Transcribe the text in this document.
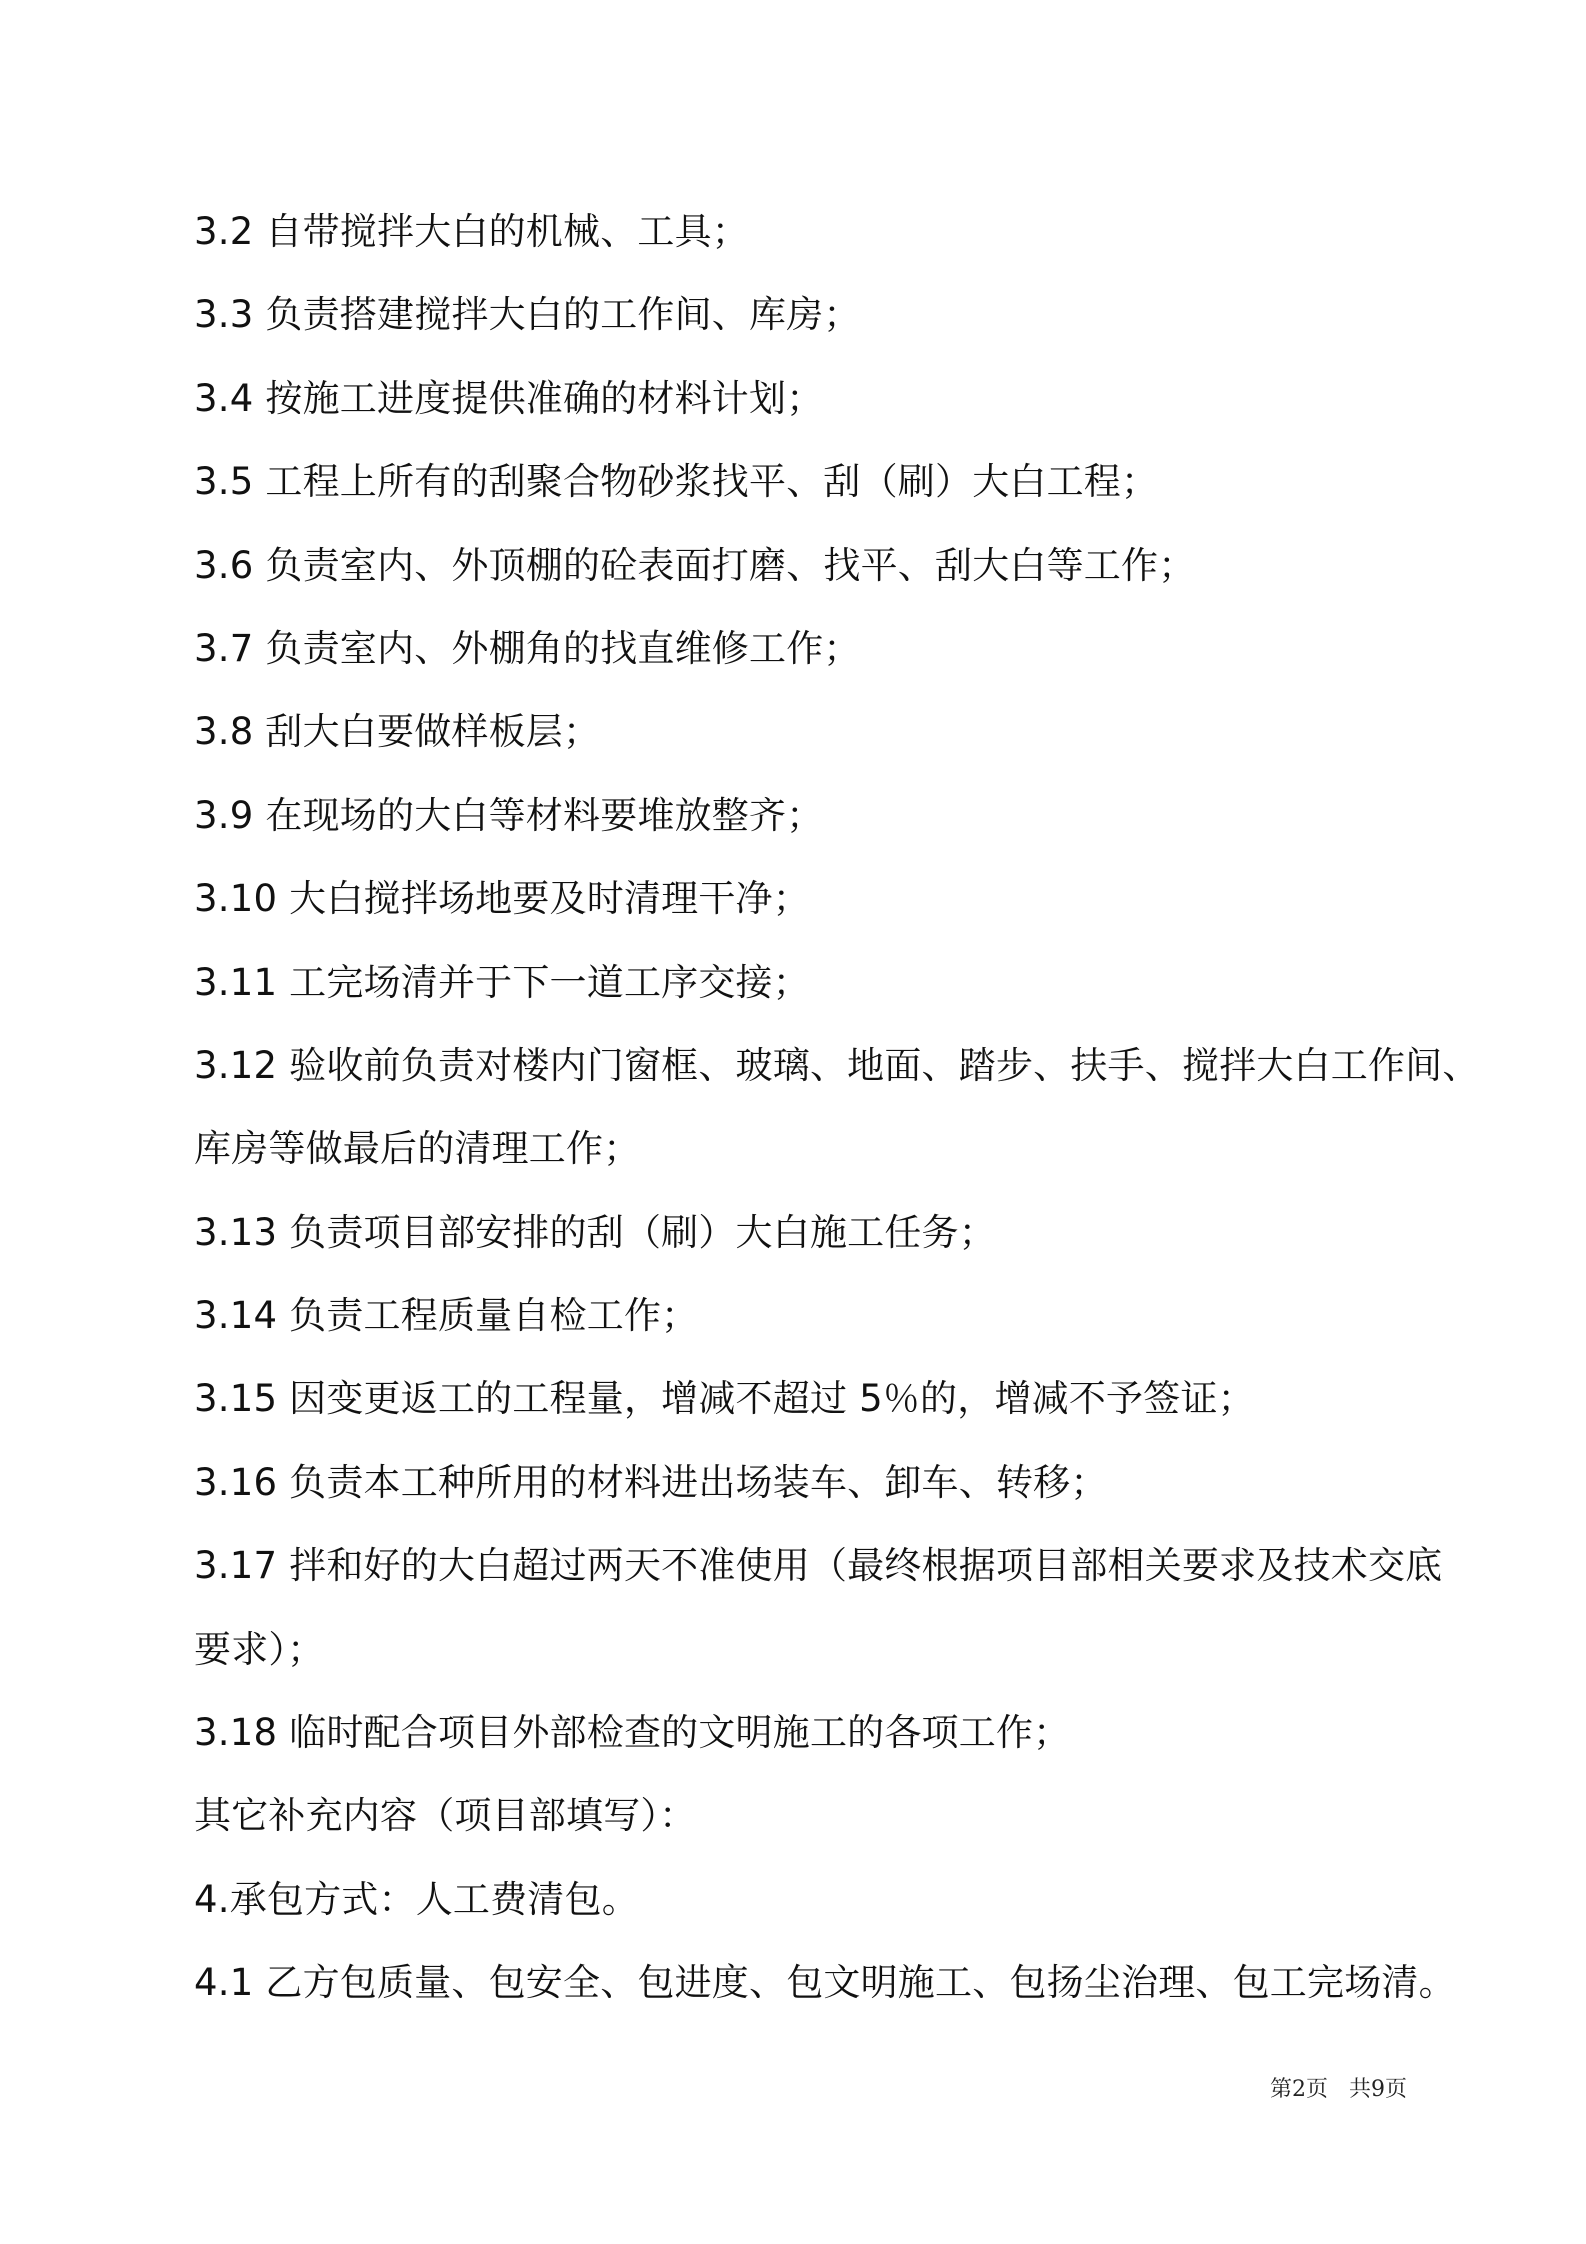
3.2 自带搅拌大白的机械、工具；
3.3 负责搭建搅拌大白的工作间、库房；
3.4 按施工进度提供准确的材料计划；
3.5 工程上所有的刮聚合物砂浆找平、刮（刷）大白工程；
3.6 负责室内、外顶棚的砼表面打磨、找平、刮大白等工作；
3.7 负责室内、外棚角的找直维修工作；
3.8 刮大白要做样板层；
3.9 在现场的大白等材料要堆放整齐；
3.10 大白搅拌场地要及时清理干净；
3.11 工完场清并于下一道工序交接；
3.12 验收前负责对楼内门窗框、玻璃、地面、踏步、扶手、搅拌大白工作间、
库房等做最后的清理工作；
3.13 负责项目部安排的刮（刷）大白施工任务；
3.14 负责工程质量自检工作；
3.15 因变更返工的工程量，增减不超过 5％的，增减不予签证；
3.16 负责本工种所用的材料进出场装车、卸车、转移；
3.17 拌和好的大白超过两天不准使用（最终根据项目部相关要求及技术交底
要求）；
3.18 临时配合项目外部检查的文明施工的各项工作；
其它补充内容（项目部填写）：
4.承包方式：人工费清包。
4.1 乙方包质量、包安全、包进度、包文明施工、包扬尘治理、包工完场清。
第2页   共9页
